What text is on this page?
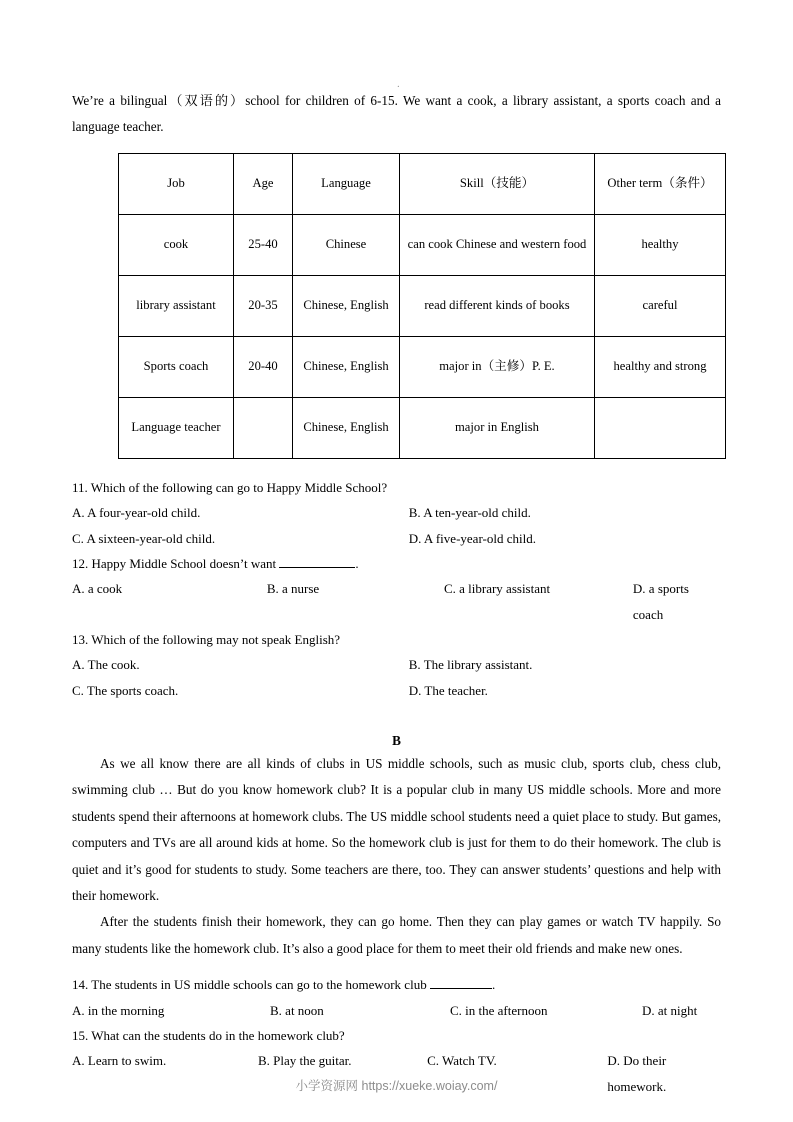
.
We’re a bilingual（双语的）school for children of 6-15. We want a cook, a library assistant, a sports coach and a language teacher.
Job	Age	Language	Skill（技能）	Other term（条件）
cook	25-40	Chinese	can cook Chinese and western food	healthy
library assistant	20-35	Chinese, English	read different kinds of books	careful
Sports coach	20-40	Chinese, English	major in（主修）P. E.	healthy and strong
Language teacher		Chinese, English	major in English	
11. Which of the following can go to Happy Middle School?
A. A four-year-old child.	B. A ten-year-old child.
C. A sixteen-year-old child.	D. A five-year-old child.
12. Happy Middle School doesn’t want	.
A. a cook	B. a nurse	C. a library assistant	D. a sports coach
13. Which of the following may not speak English?
A. The cook.	B. The library assistant.
C. The sports coach.	D. The teacher.
B
As we all know there are all kinds of clubs in US middle schools, such as music club, sports club, chess club, swimming club … But do you know homework club? It is a popular club in many US middle schools. More and more students spend their afternoons at homework clubs. The US middle school students need a quiet place to study. But games, computers and TVs are all around kids at home. So the homework club is just for them to do their homework. The club is quiet and it’s good for students to study. Some teachers are there, too. They can answer students’ questions and help with their homework.
After the students finish their homework, they can go home. Then they can play games or watch TV happily. So many students like the homework club. It’s also a good place for them to meet their old friends and make new ones.
14. The students in US middle schools can go to the homework club	.
A. in the morning	B. at noon	C. in the afternoon	D. at night
15. What can the students do in the homework club?
A. Learn to swim.	B. Play the guitar.	C. Watch TV.	D. Do their homework.
小学资源网 https://xueke.woiay.com/
